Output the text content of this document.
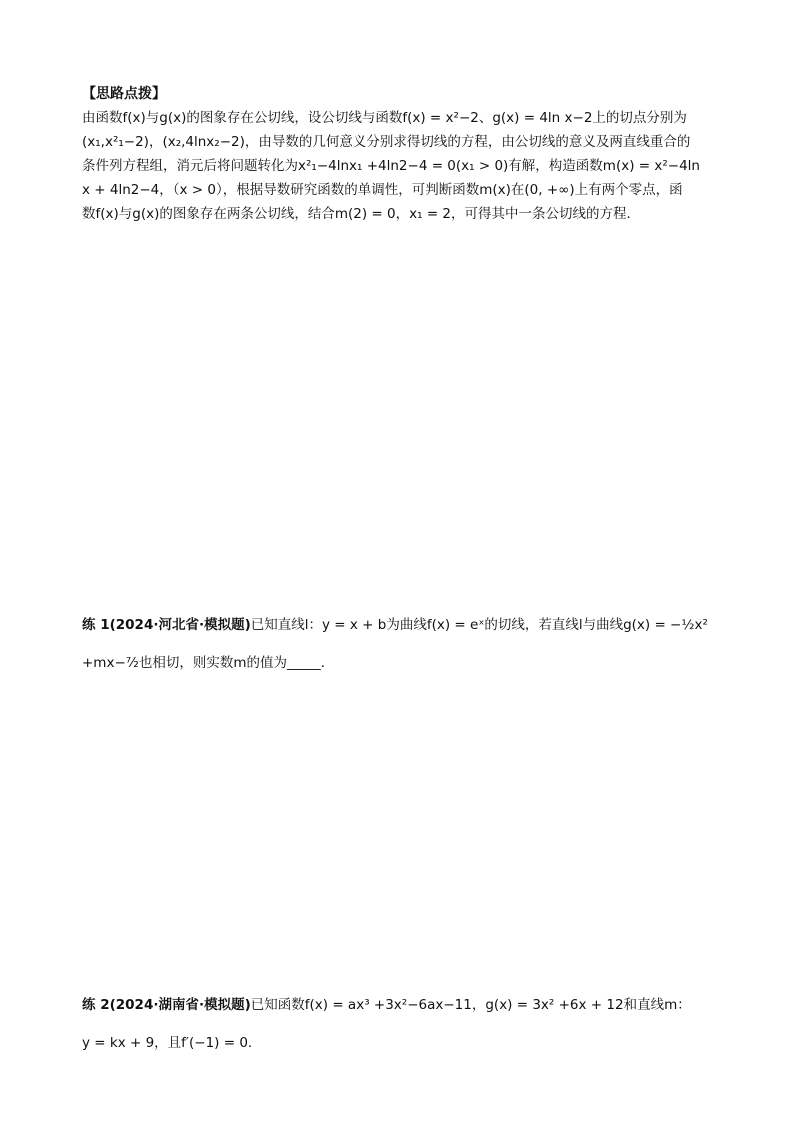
【思路点拨】
由函数f(x)与g(x)的图象存在公切线，设公切线与函数f(x) = x²−2、g(x) = 4ln x−2上的切点分别为
(x₁,x²₁−2)，(x₂,4lnx₂−2)，由导数的几何意义分别求得切线的方程，由公切线的意义及两直线重合的
条件列方程组，消元后将问题转化为x²₁−4lnx₁ +4ln2−4 = 0(x₁ > 0)有解，构造函数m(x) = x²−4ln
x + 4ln2−4，（x > 0），根据导数研究函数的单调性，可判断函数m(x)在(0, +∞)上有两个零点，函
数f(x)与g(x)的图象存在两条公切线，结合m(2) = 0，x₁ = 2，可得其中一条公切线的方程．
练 1(2024·河北省·模拟题)已知直线l：y = x + b为曲线f(x) = eˣ的切线，若直线l与曲线g(x) = −½x²
+mx−⁷⁄₂也相切，则实数m的值为_____．
练 2(2024·湖南省·模拟题)已知函数f(x) = ax³ +3x²−6ax−11，g(x) = 3x² +6x + 12和直线m：
y = kx + 9，且f′(−1) = 0．
